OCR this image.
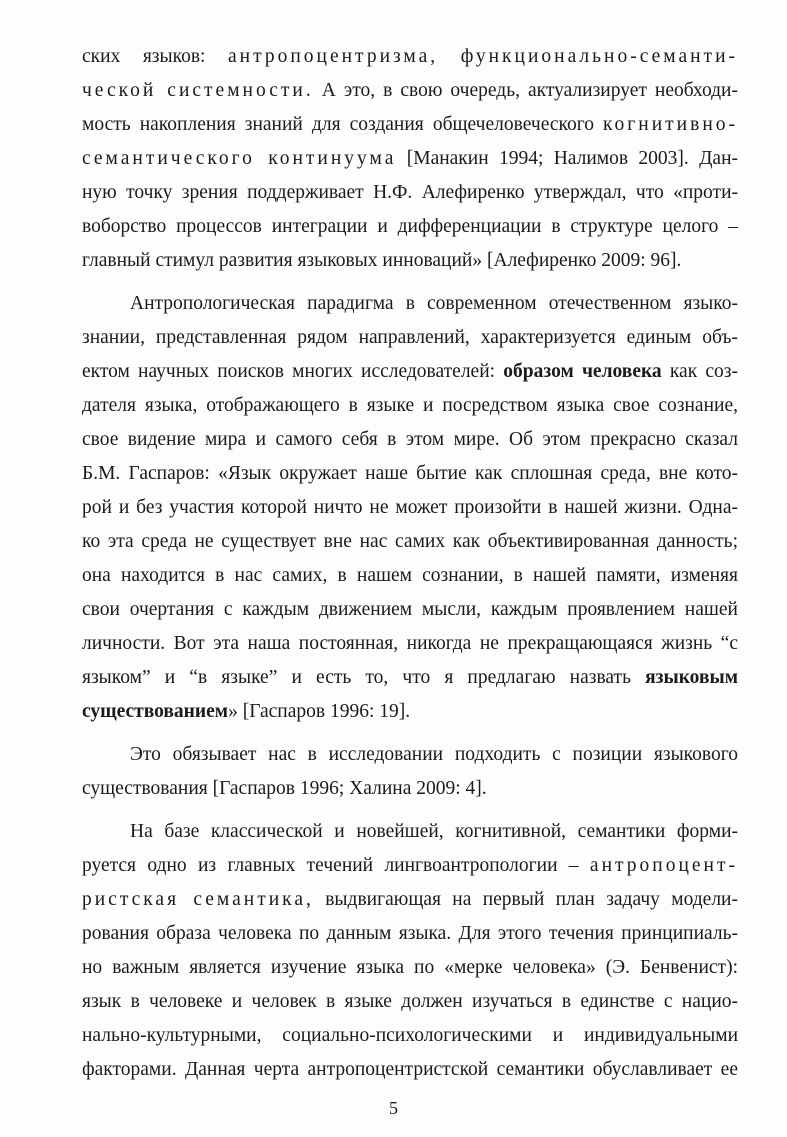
ских языков: антропоцентризма, функционально-семанти-
ческой системности. А это, в свою очередь, актуализирует необходи-
мость накопления знаний для создания общечеловеческого когнитивно-
семантического континуума [Манакин 1994; Налимов 2003]. Дан-
ную точку зрения поддерживает Н.Ф. Алефиренко утверждал, что «проти-
воборство процессов интеграции и дифференциации в структуре целого –
главный стимул развития языковых инноваций» [Алефиренко 2009: 96].
Антропологическая парадигма в современном отечественном языко-
знании, представленная рядом направлений, характеризуется единым объ-
ектом научных поисков многих исследователей: образом человека как соз-
дателя языка, отображающего в языке и посредством языка свое сознание,
свое видение мира и самого себя в этом мире. Об этом прекрасно сказал
Б.М. Гаспаров: «Язык окружает наше бытие как сплошная среда, вне кото-
рой и без участия которой ничто не может произойти в нашей жизни. Одна-
ко эта среда не существует вне нас самих как объективированная данность;
она находится в нас самих, в нашем сознании, в нашей памяти, изменяя
свои очертания с каждым движением мысли, каждым проявлением нашей
личности. Вот эта наша постоянная, никогда не прекращающаяся жизнь “с
языком” и “в языке” и есть то, что я предлагаю назвать языковым
существованием» [Гаспаров 1996: 19].
Это обязывает нас в исследовании подходить с позиции языкового
существования [Гаспаров 1996; Халина 2009: 4].
На базе классической и новейшей, когнитивной, семантики форми-
руется одно из главных течений лингвоантропологии – антропоцент-
ристская семантика, выдвигающая на первый план задачу модели-
рования образа человека по данным языка. Для этого течения принципиаль-
но важным является изучение языка по «мерке человека» (Э. Бенвенист):
язык в человеке и человек в языке должен изучаться в единстве с нацио-
нально-культурными, социально-психологическими и индивидуальными
факторами. Данная черта антропоцентристской семантики обуславливает ее
5
